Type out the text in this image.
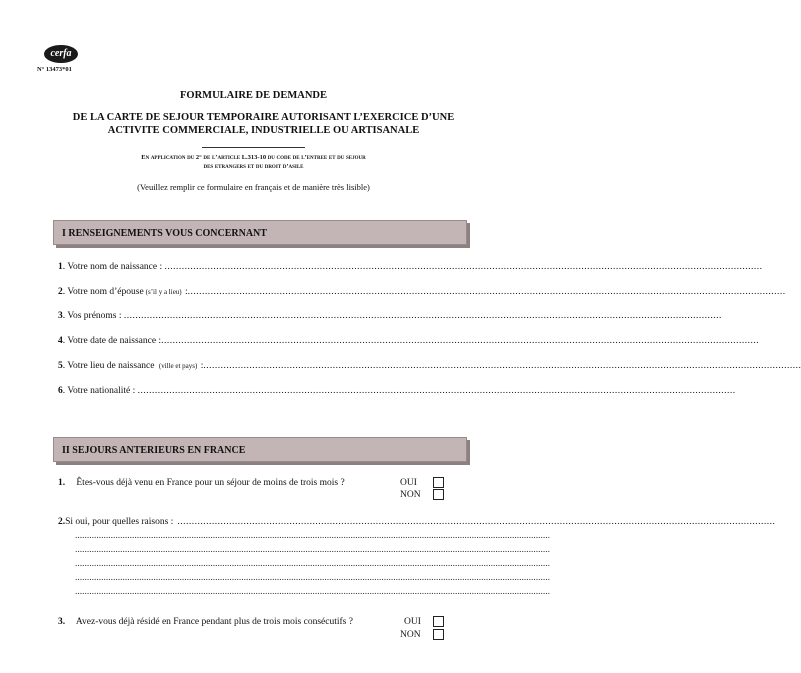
cerfa
N° 13473*01
FORMULAIRE DE DEMANDE
DE LA CARTE DE SEJOUR TEMPORAIRE AUTORISANT L’EXERCICE D’UNE
ACTIVITE COMMERCIALE, INDUSTRIELLE OU ARTISANALE
En application du 2° de l’article L.313-10 du code de l’entree et du sejour
des etrangers et du droit d’asile
(Veuillez remplir ce formulaire en français et de manière très lisible)
I RENSEIGNEMENTS VOUS CONCERNANT
1 . Votre nom de naissance :
.....
2 . Votre nom d’épouse (s’il y a lieu) :
.....
3 . Vos prénoms :
.....
4 . Votre date de naissance :
.....
5 . Votre lieu de naissance (ville et pays) :
.....
6 . Votre nationalité :
.....
II SEJOURS ANTERIEURS EN FRANCE
1. Êtes-vous déjà venu en France pour un séjour de moins de trois mois ?	OUI
NON
2. Si oui, pour quelles raisons :
.....
........................................................................................................................................................................................................
........................................................................................................................................................................................................
........................................................................................................................................................................................................
........................................................................................................................................................................................................
........................................................................................................................................................................................................
3. Avez-vous déjà résidé en France pendant plus de trois mois consécutifs ?	OUI
NON
